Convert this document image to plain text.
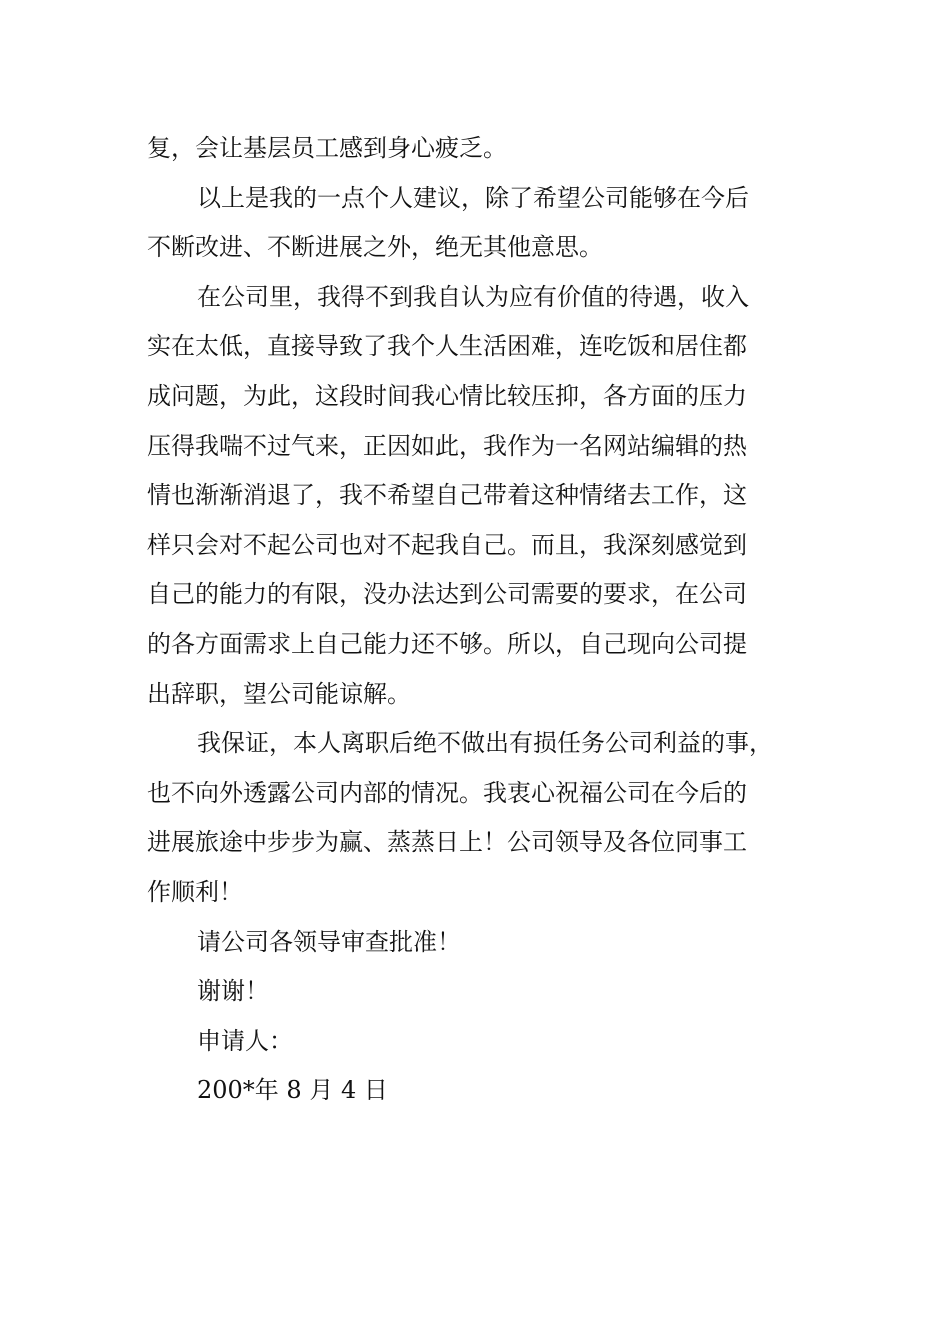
复，会让基层员工感到身心疲乏。
以上是我的一点个人建议，除了希望公司能够在今后
不断改进、不断进展之外，绝无其他意思。
在公司里，我得不到我自认为应有价值的待遇，收入
实在太低，直接导致了我个人生活困难，连吃饭和居住都
成问题，为此，这段时间我心情比较压抑，各方面的压力
压得我喘不过气来，正因如此，我作为一名网站编辑的热
情也渐渐消退了，我不希望自己带着这种情绪去工作，这
样只会对不起公司也对不起我自己。而且，我深刻感觉到
自己的能力的有限，没办法达到公司需要的要求，在公司
的各方面需求上自己能力还不够。所以，自己现向公司提
出辞职，望公司能谅解。
我保证，本人离职后绝不做出有损任务公司利益的事，
也不向外透露公司内部的情况。我衷心祝福公司在今后的
进展旅途中步步为赢、蒸蒸日上！公司领导及各位同事工
作顺利！
请公司各领导审查批准！
谢谢！
申请人：
200*年 8 月 4 日
